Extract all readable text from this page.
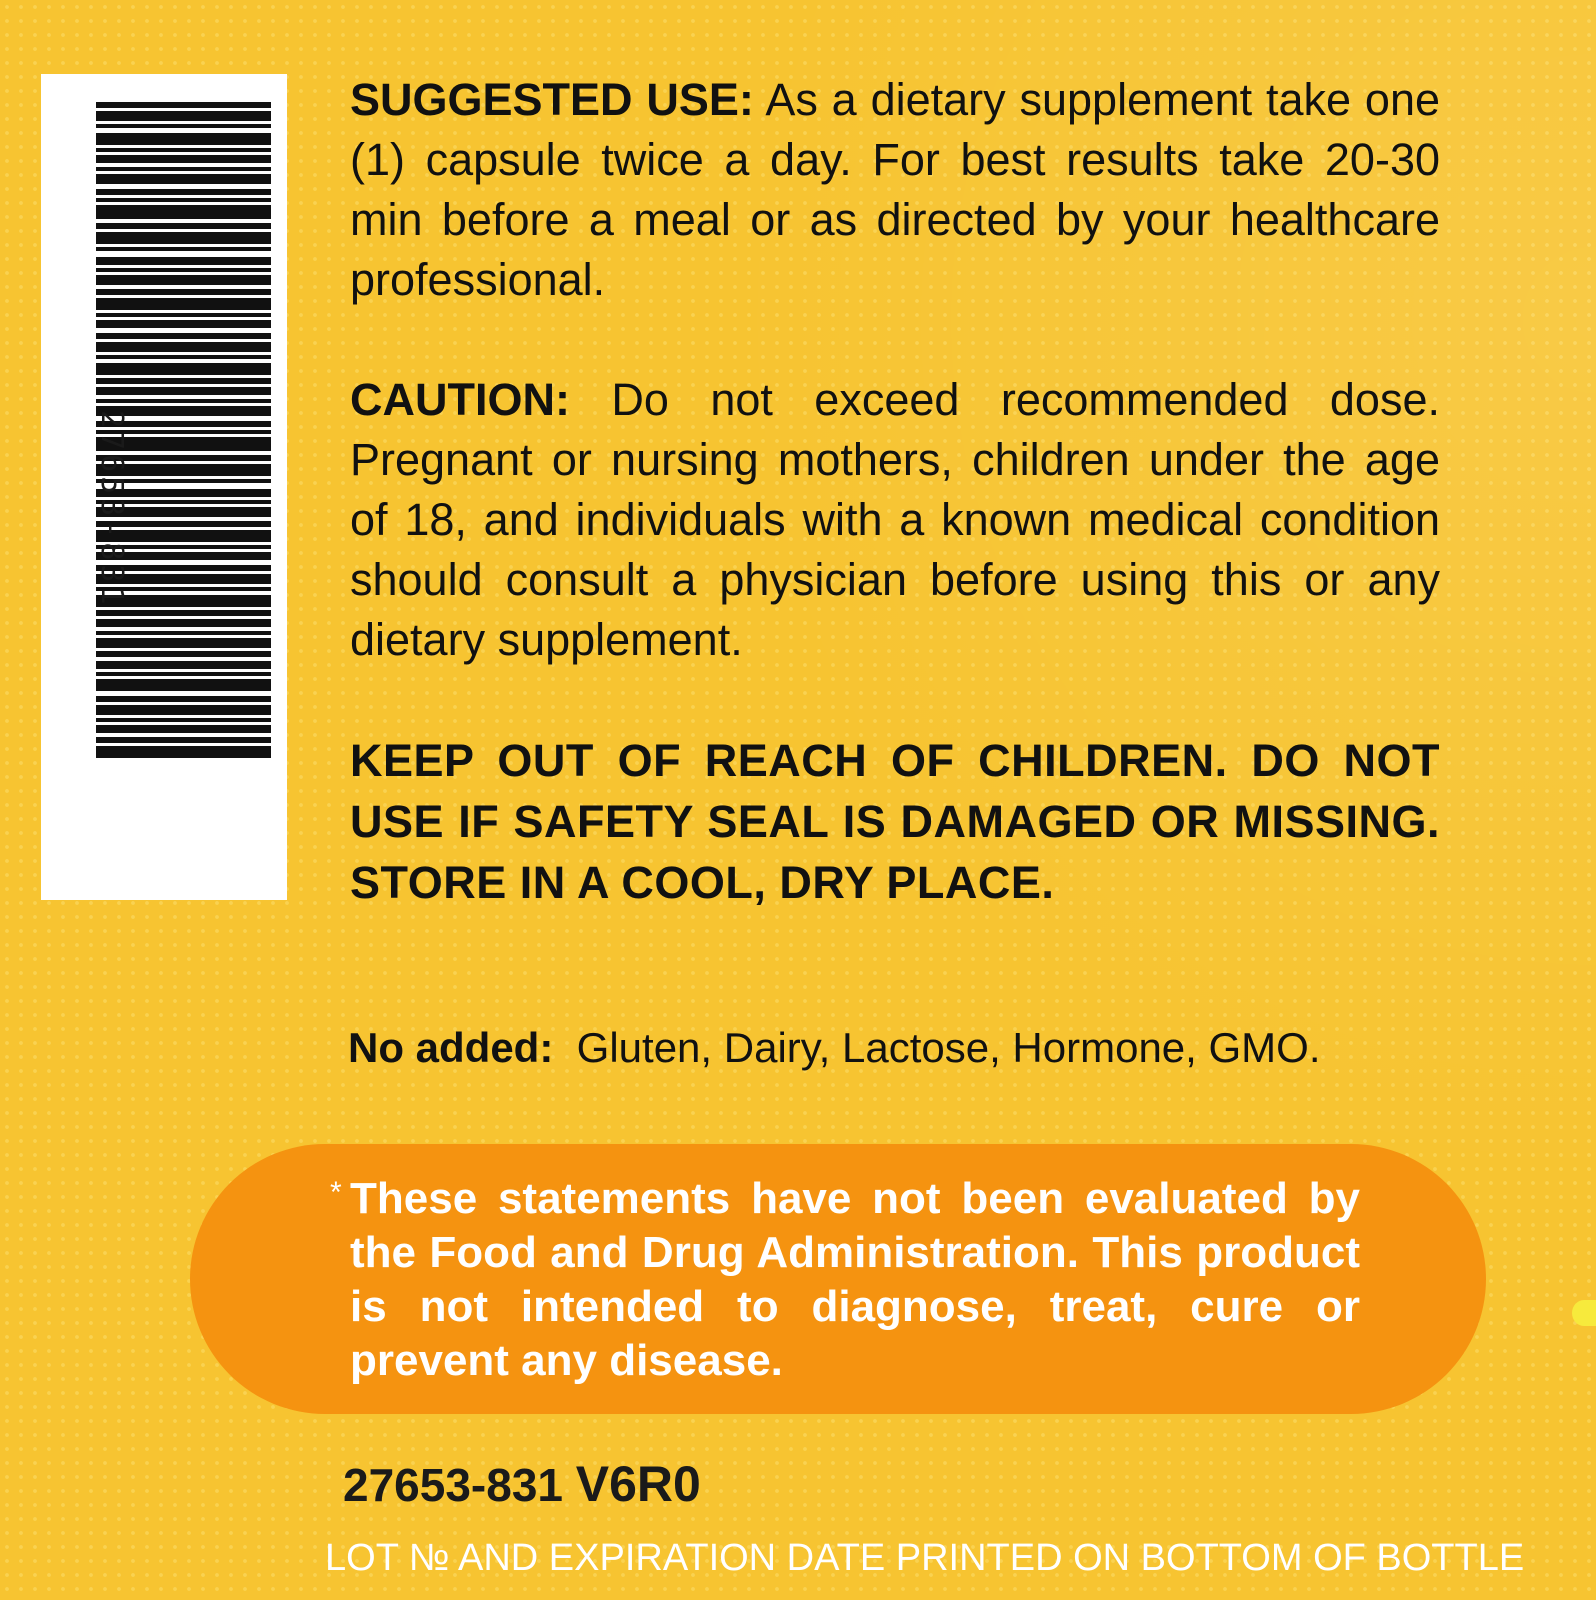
27653-831

SUGGESTED USE: As a dietary supplement take one (1) capsule twice a day. For best results take 20-30 min before a meal or as directed by your healthcare professional.

CAUTION: Do not exceed recommended dose. Pregnant or nursing mothers, children under the age of 18, and individuals with a known medical condition should consult a physician before using this or any dietary supplement.

KEEP OUT OF REACH OF CHILDREN. DO NOT USE IF SAFETY SEAL IS DAMAGED OR MISSING. STORE IN A COOL, DRY PLACE.

No added: Gluten, Dairy, Lactose, Hormone, GMO.

* These statements have not been evaluated by the Food and Drug Administration. This product is not intended to diagnose, treat, cure or prevent any disease.

27653-831 V6R0
LOT № AND EXPIRATION DATE PRINTED ON BOTTOM OF BOTTLE
